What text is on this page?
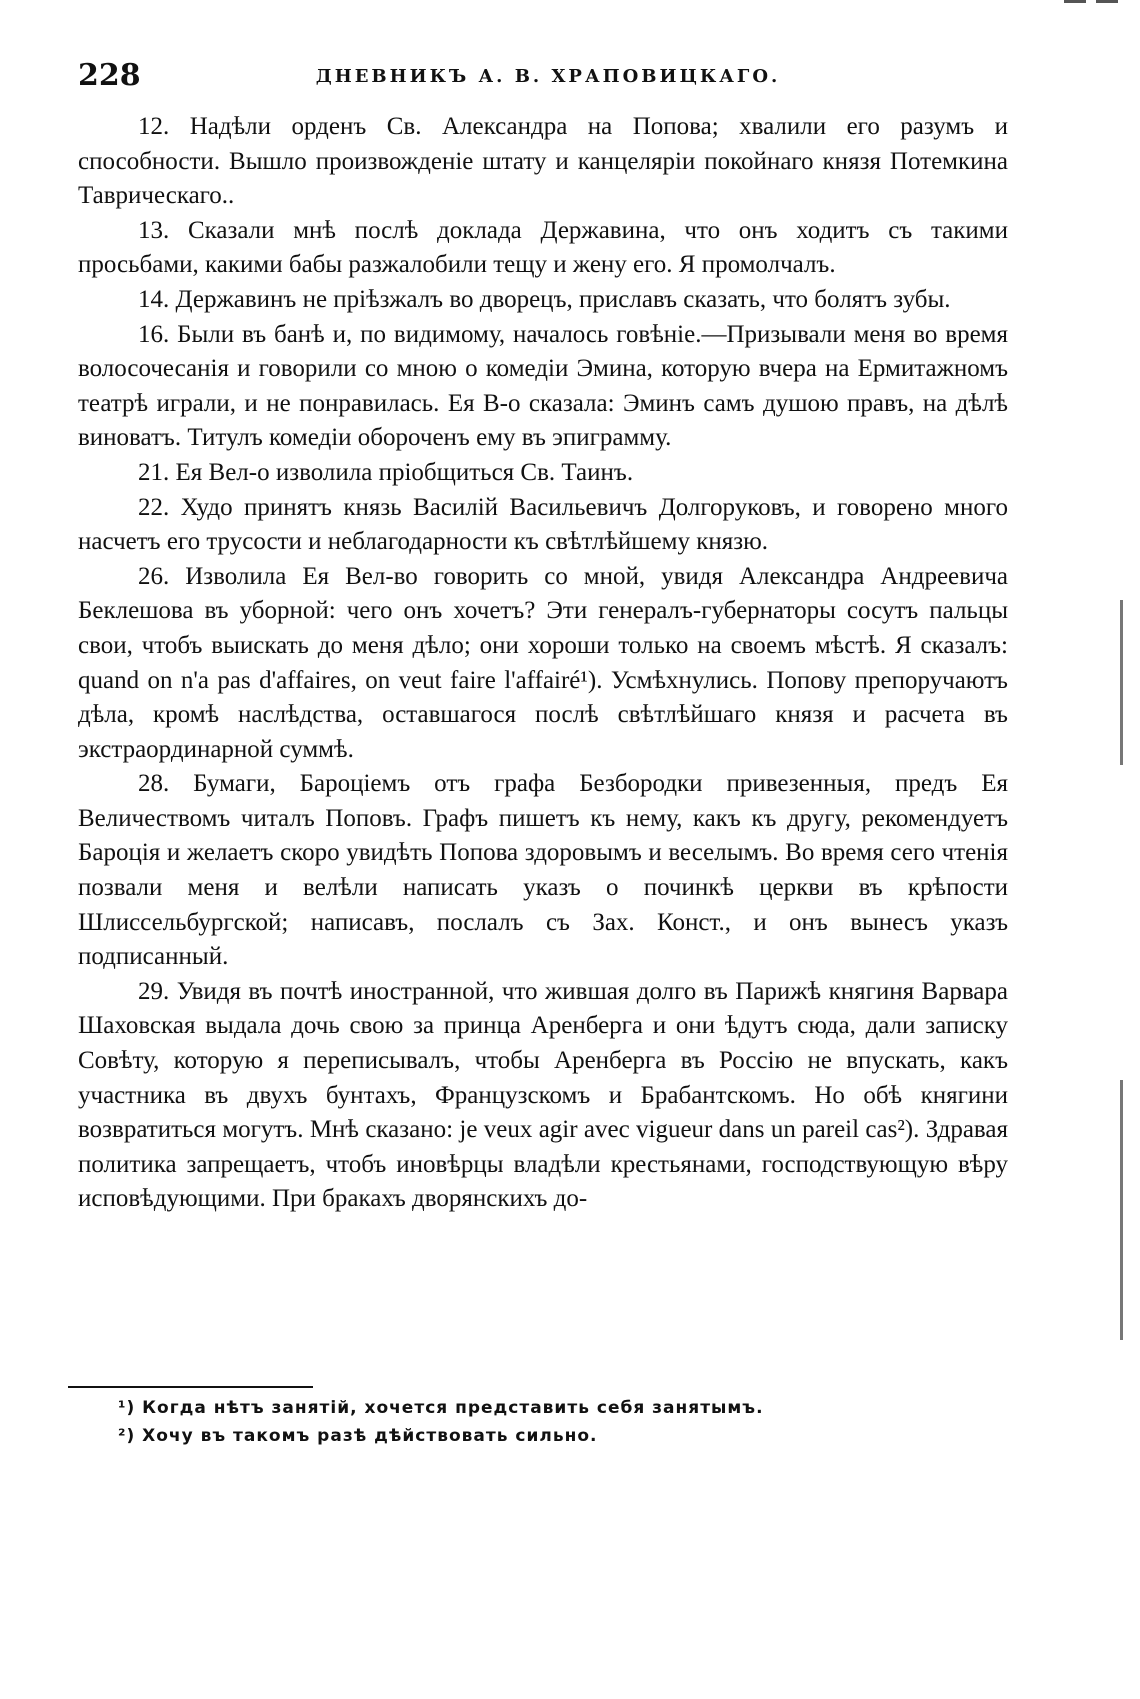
228	ДНЕВНИКЪ А. В. ХРАПОВИЦКАГО.

12. Надѣли орденъ Св. Александра на Попова; хвалили его разумъ и способности. Вышло произвожденіе штату и канцеляріи покойнаго князя Потемкина Таврическаго..

13. Сказали мнѣ послѣ доклада Державина, что онъ ходитъ съ такими просьбами, какими бабы разжалобили тещу и жену его. Я промолчалъ.

14. Державинъ не пріѣзжалъ во дворецъ, приславъ сказать, что болятъ зубы.

16. Были въ банѣ и, по видимому, началось говѣніе.—Призывали меня во время волосочесанія и говорили со мною о комедіи Эмина, которую вчера на Ермитажномъ театрѣ играли, и не понравилась. Ея В-о сказала: Эминъ самъ душою правъ, на дѣлѣ виноватъ. Титулъ комедіи обороченъ ему въ эпиграмму.

21. Ея Вел-о изволила пріобщиться Св. Таинъ.

22. Худо принятъ князь Василій Васильевичъ Долгоруковъ, и говорено много насчетъ его трусости и неблагодарности къ свѣтлѣйшему князю.

26. Изволила Ея Вел-во говорить со мной, увидя Александра Андреевича Беклешова въ уборной: чего онъ хочетъ? Эти генералъ-губернаторы сосутъ пальцы свои, чтобъ выискать до меня дѣло; они хороши только на своемъ мѣстѣ. Я сказалъ: quand on n'a pas d'affaires, on veut faire l'affairé¹). Усмѣхнулись. Попову препоручаютъ дѣла, кромѣ наслѣдства, оставшагося послѣ свѣтлѣйшаго князя и расчета въ экстраординарной суммѣ.

28. Бумаги, Бароціемъ отъ графа Безбородки привезенныя, предъ Ея Величествомъ читалъ Поповъ. Графъ пишетъ къ нему, какъ къ другу, рекомендуетъ Бароція и желаетъ скоро увидѣть Попова здоровымъ и веселымъ. Во время сего чтенія позвали меня и велѣли написать указъ о починкѣ церкви въ крѣпости Шлиссельбургской; написавъ, послалъ съ Зах. Конст., и онъ вынесъ указъ подписанный.

29. Увидя въ почтѣ иностранной, что жившая долго въ Парижѣ княгиня Варвара Шаховская выдала дочь свою за принца Аренберга и они ѣдутъ сюда, дали записку Совѣту, которую я переписывалъ, чтобы Аренберга въ Россію не впускать, какъ участника въ двухъ бунтахъ, Французскомъ и Брабантскомъ. Но обѣ княгини возвратиться могутъ. Мнѣ сказано: je veux agir avec vigueur dans un pareil cas²). Здравая политика запрещаетъ, чтобъ иновѣрцы владѣли крестьянами, господствующую вѣру исповѣдующими. При бракахъ дворянскихъ до-

¹) Когда нѣтъ занятій, хочется представить себя занятымъ.

²) Хочу въ такомъ разѣ дѣйствовать сильно.
